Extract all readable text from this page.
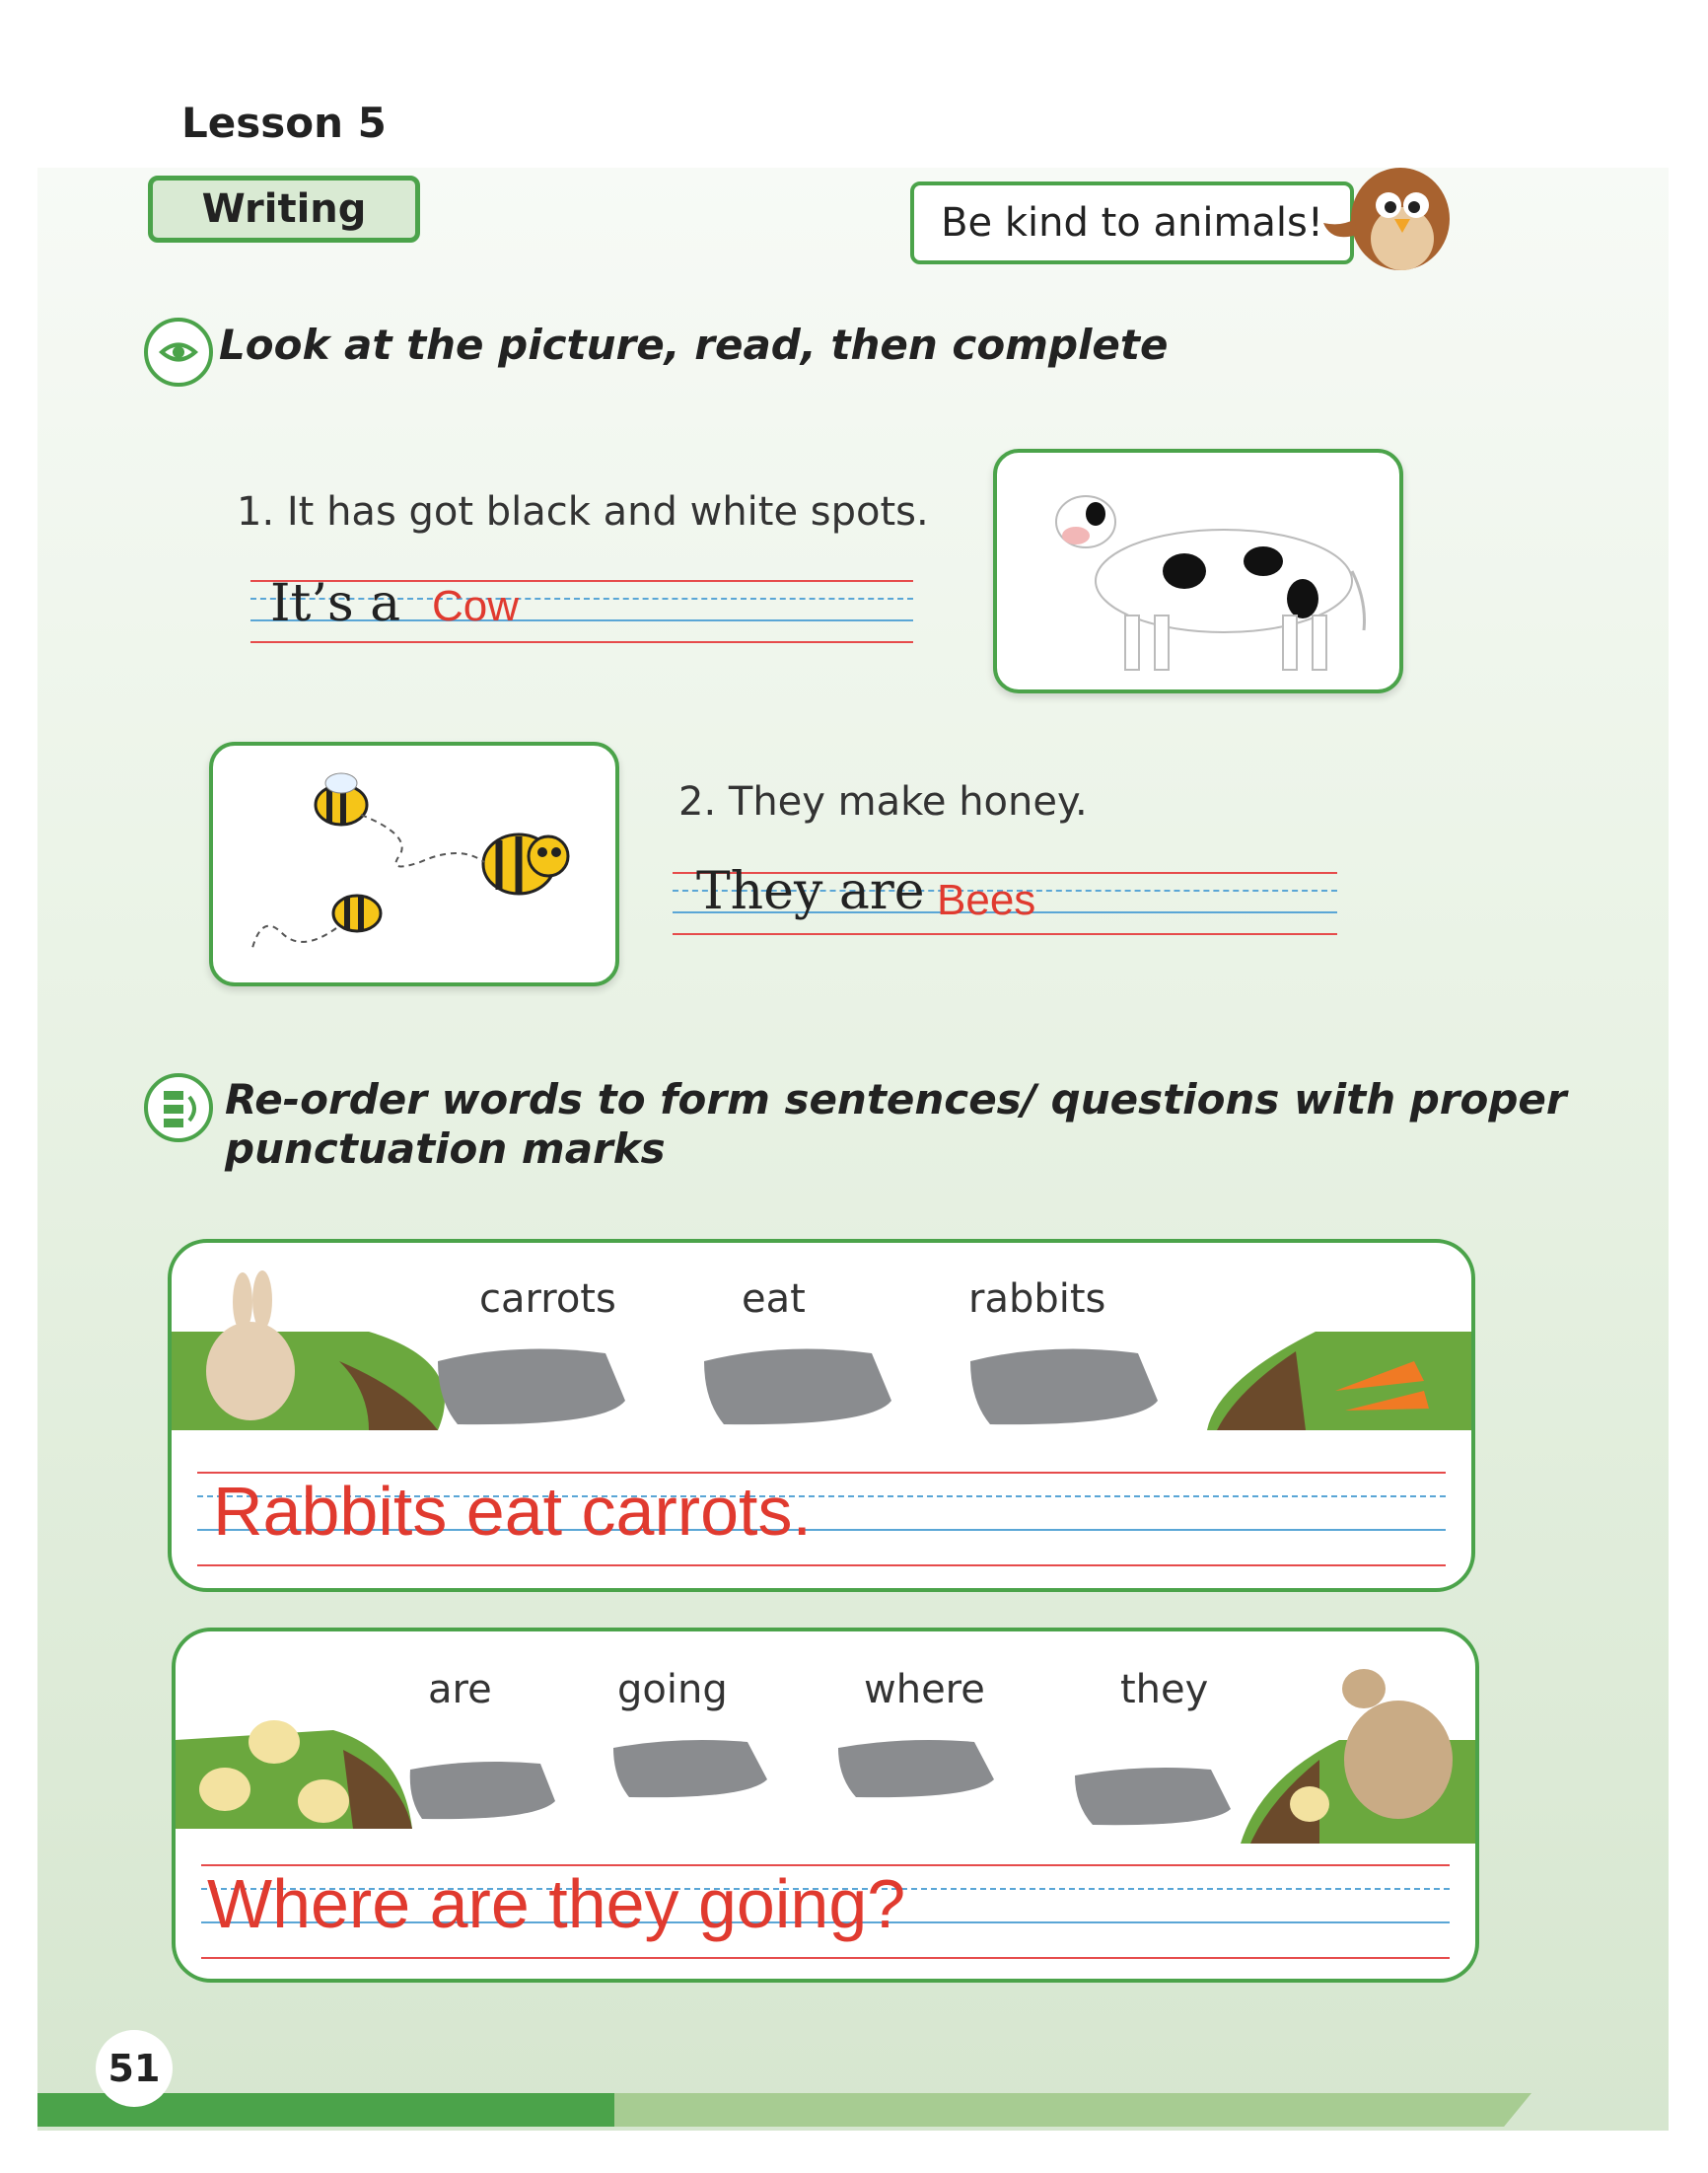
Lesson 5
Writing	Be kind to animals!
Look at the picture, read, then complete
1. It has got black and white spots.
It’s a Cow
2. They make honey.
They are Bees
Re-order words to form sentences/ questions with proper
punctuation marks
carrots	eat	rabbits
Rabbits eat carrots.
are	going	where	they
Where are they going?
51
